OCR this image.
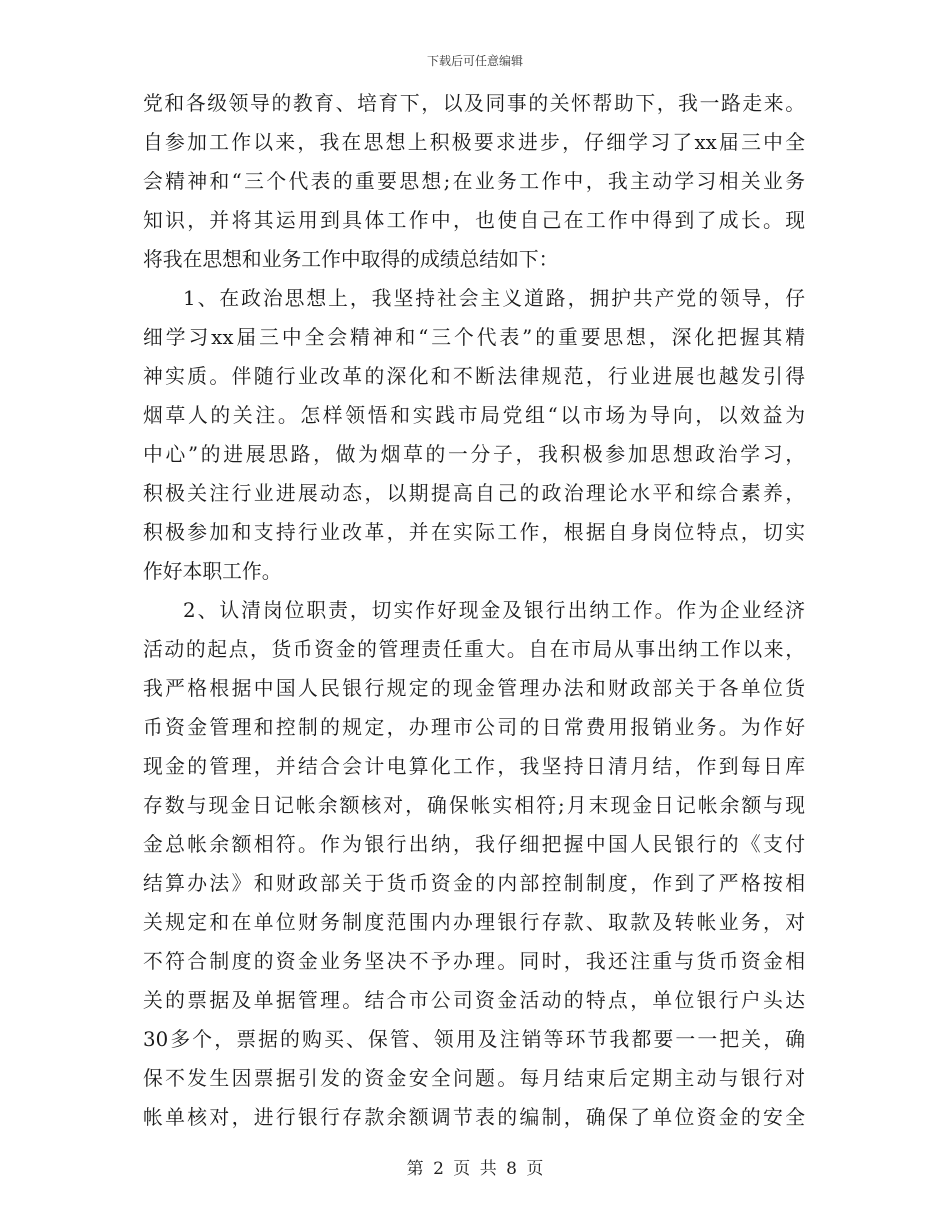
下载后可任意编辑
党和各级领导的教育、培育下，以及同事的关怀帮助下，我一路走来。
自参加工作以来，我在思想上积极要求进步，仔细学习了xx届三中全
会精神和“三个代表的重要思想;在业务工作中，我主动学习相关业务
知识，并将其运用到具体工作中，也使自己在工作中得到了成长。现
将我在思想和业务工作中取得的成绩总结如下：
1、在政治思想上，我坚持社会主义道路，拥护共产党的领导，仔
细学习xx届三中全会精神和“三个代表”的重要思想，深化把握其精
神实质。伴随行业改革的深化和不断法律规范，行业进展也越发引得
烟草人的关注。怎样领悟和实践市局党组“以市场为导向，以效益为
中心”的进展思路，做为烟草的一分子，我积极参加思想政治学习，
积极关注行业进展动态，以期提高自己的政治理论水平和综合素养，
积极参加和支持行业改革，并在实际工作，根据自身岗位特点，切实
作好本职工作。
2、认清岗位职责，切实作好现金及银行出纳工作。作为企业经济
活动的起点，货币资金的管理责任重大。自在市局从事出纳工作以来，
我严格根据中国人民银行规定的现金管理办法和财政部关于各单位货
币资金管理和控制的规定，办理市公司的日常费用报销业务。为作好
现金的管理，并结合会计电算化工作，我坚持日清月结，作到每日库
存数与现金日记帐余额核对，确保帐实相符;月末现金日记帐余额与现
金总帐余额相符。作为银行出纳，我仔细把握中国人民银行的《支付
结算办法》和财政部关于货币资金的内部控制制度，作到了严格按相
关规定和在单位财务制度范围内办理银行存款、取款及转帐业务，对
不符合制度的资金业务坚决不予办理。同时，我还注重与货币资金相
关的票据及单据管理。结合市公司资金活动的特点，单位银行户头达
30多个，票据的购买、保管、领用及注销等环节我都要一一把关，确
保不发生因票据引发的资金安全问题。每月结束后定期主动与银行对
帐单核对，进行银行存款余额调节表的编制，确保了单位资金的安全
第 2 页 共 8 页
